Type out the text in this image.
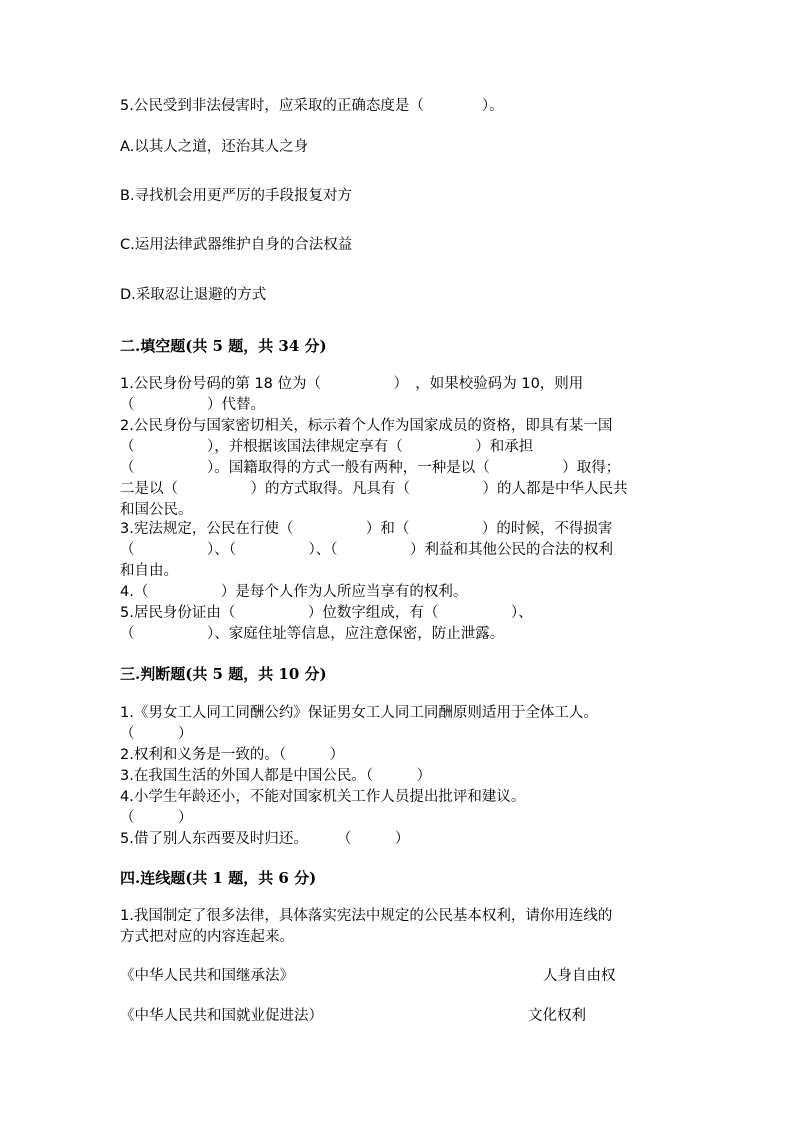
5.公民受到非法侵害时，应采取的正确态度是（　　　　）。
A.以其人之道，还治其人之身
B.寻找机会用更严厉的手段报复对方
C.运用法律武器维护自身的合法权益
D.采取忍让退避的方式
二.填空题(共 5 题，共 34 分)
1.公民身份号码的第 18 位为（　　　　　）　，如果校验码为 10，则用
（　　　　　）代替。
2.公民身份与国家密切相关，标示着个人作为国家成员的资格，即具有某一国
（　　　　　），并根据该国法律规定享有（　　　　　）和承担
（　　　　　）。国籍取得的方式一般有两种，一种是以（　　　　　）取得；
二是以（　　　　　）的方式取得。凡具有（　　　　　）的人都是中华人民共
和国公民。
3.宪法规定，公民在行使（　　　　　）和（　　　　　）的时候，不得损害
（　　　　　）、（　　　　　）、（　　　　　）利益和其他公民的合法的权利
和自由。
4.（　　　　　）是每个人作为人所应当享有的权利。
5.居民身份证由（　　　　　）位数字组成，有（　　　　　）、
（　　　　　）、家庭住址等信息，应注意保密，防止泄露。
三.判断题(共 5 题，共 10 分)
1.《男女工人同工同酬公约》保证男女工人同工同酬原则适用于全体工人。
（　　　）
2.权利和义务是一致的。（　　　）
3.在我国生活的外国人都是中国公民。（　　　）
4.小学生年龄还小，不能对国家机关工作人员提出批评和建议。
（　　　）
5.借了别人东西要及时归还。　　　（　　　）
四.连线题(共 1 题，共 6 分)
1.我国制定了很多法律，具体落实宪法中规定的公民基本权利，请你用连线的
方式把对应的内容连起来。
《中华人民共和国继承法》	人身自由权
《中华人民共和国就业促进法）	文化权利
